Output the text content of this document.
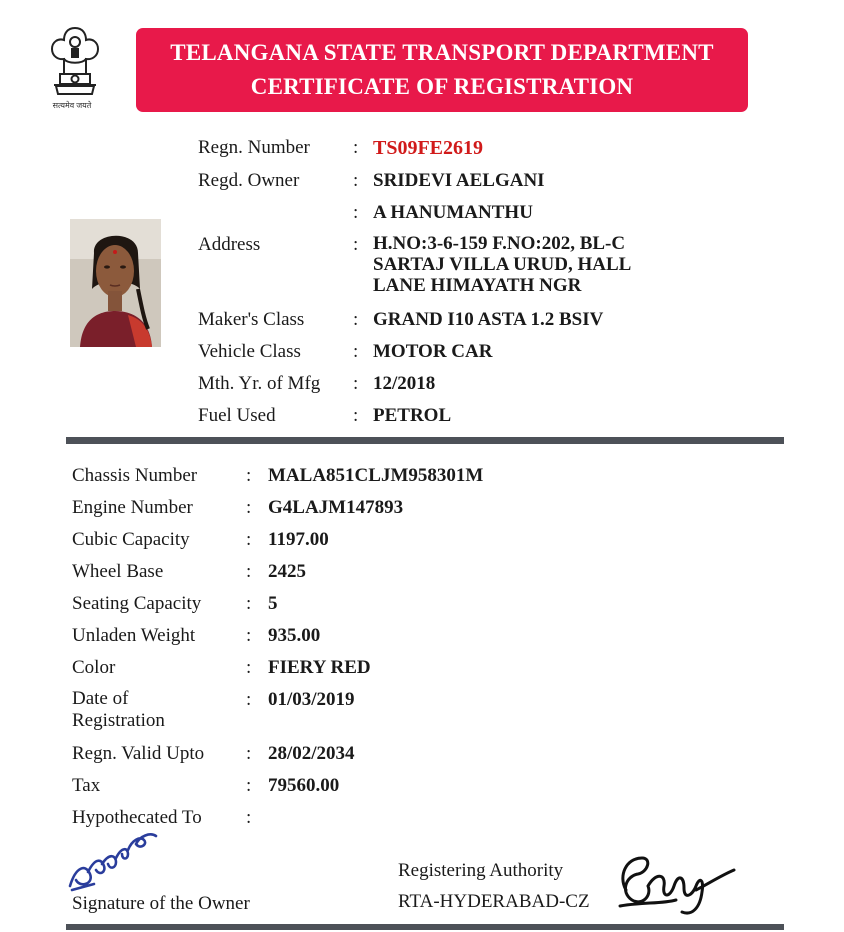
सत्यमेव जयते
TELANGANA STATE TRANSPORT DEPARTMENT
CERTIFICATE OF REGISTRATION
Regn. Number : TS09FE2619
Regd. Owner	: SRIDEVI AELGANI
: A HANUMANTHU
Address	: H.NO:3-6-159 F.NO:202, BL-C
SARTAJ VILLA URUD, HALL
LANE HIMAYATH NGR
Maker's Class	: GRAND I10 ASTA 1.2 BSIV
Vehicle Class	: MOTOR CAR
Mth. Yr. of Mfg : 12/2018
Fuel Used	: PETROL
Chassis Number	: MALA851CLJM958301M
Engine Number	: G4LAJM147893
Cubic Capacity	: 1197.00
Wheel Base	: 2425
Seating Capacity : 5
Unladen Weight	: 935.00
Color	: FIERY RED
Date of
Registration
: 01/03/2019
Regn. Valid Upto : 28/02/2034
Tax	: 79560.00
Hypothecated To :
Signature of the Owner
Registering Authority
RTA-HYDERABAD-CZ
